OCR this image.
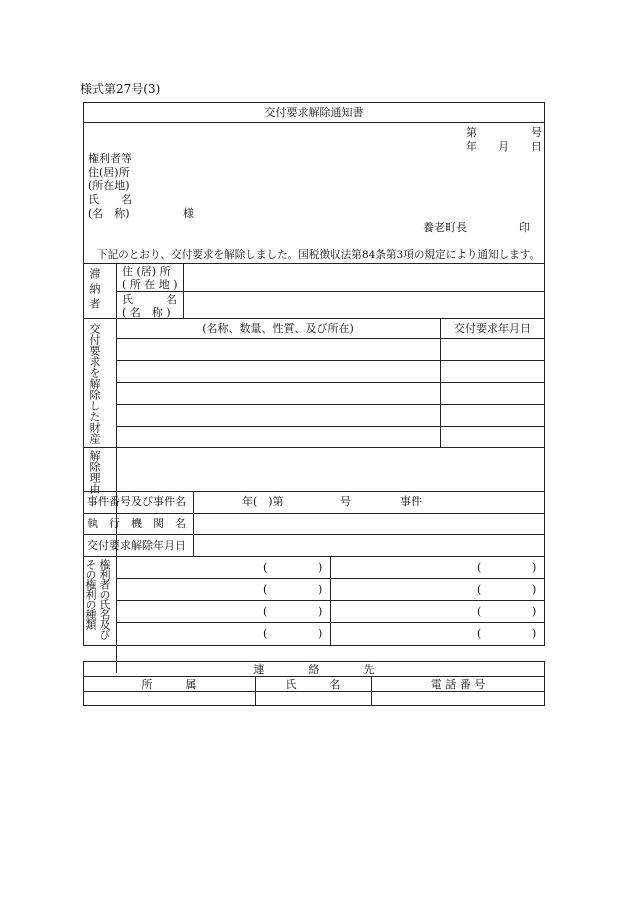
様式第27号(3)
交付要求解除通知書
第	号
年 月 日
権利者等
住(居)所
(所在地)
氏　　名
(名　称)	様
養老町長	印
下記のとおり、交付要求を解除しました。国税徴収法第84条第3項の規定により通知します。
滞納者 住 (居) 所
( 所 在 地 )
氏　　　名
( 名　称 )
交付要求を解除した財産	(名称、数量、性質、及び所在)	交付要求年月日
解除理由
事件番号及び事件名	年(　)第	号	事件
執　行　機　関　名
交付要求解除年月日
権利者の氏名及び
その権利の種類	(	)	(	)
(	)	(	)
(	)	(	)
(	)	(	)
連　　　　絡　　　　先
所　　　属	氏　　　名	電 話 番 号
